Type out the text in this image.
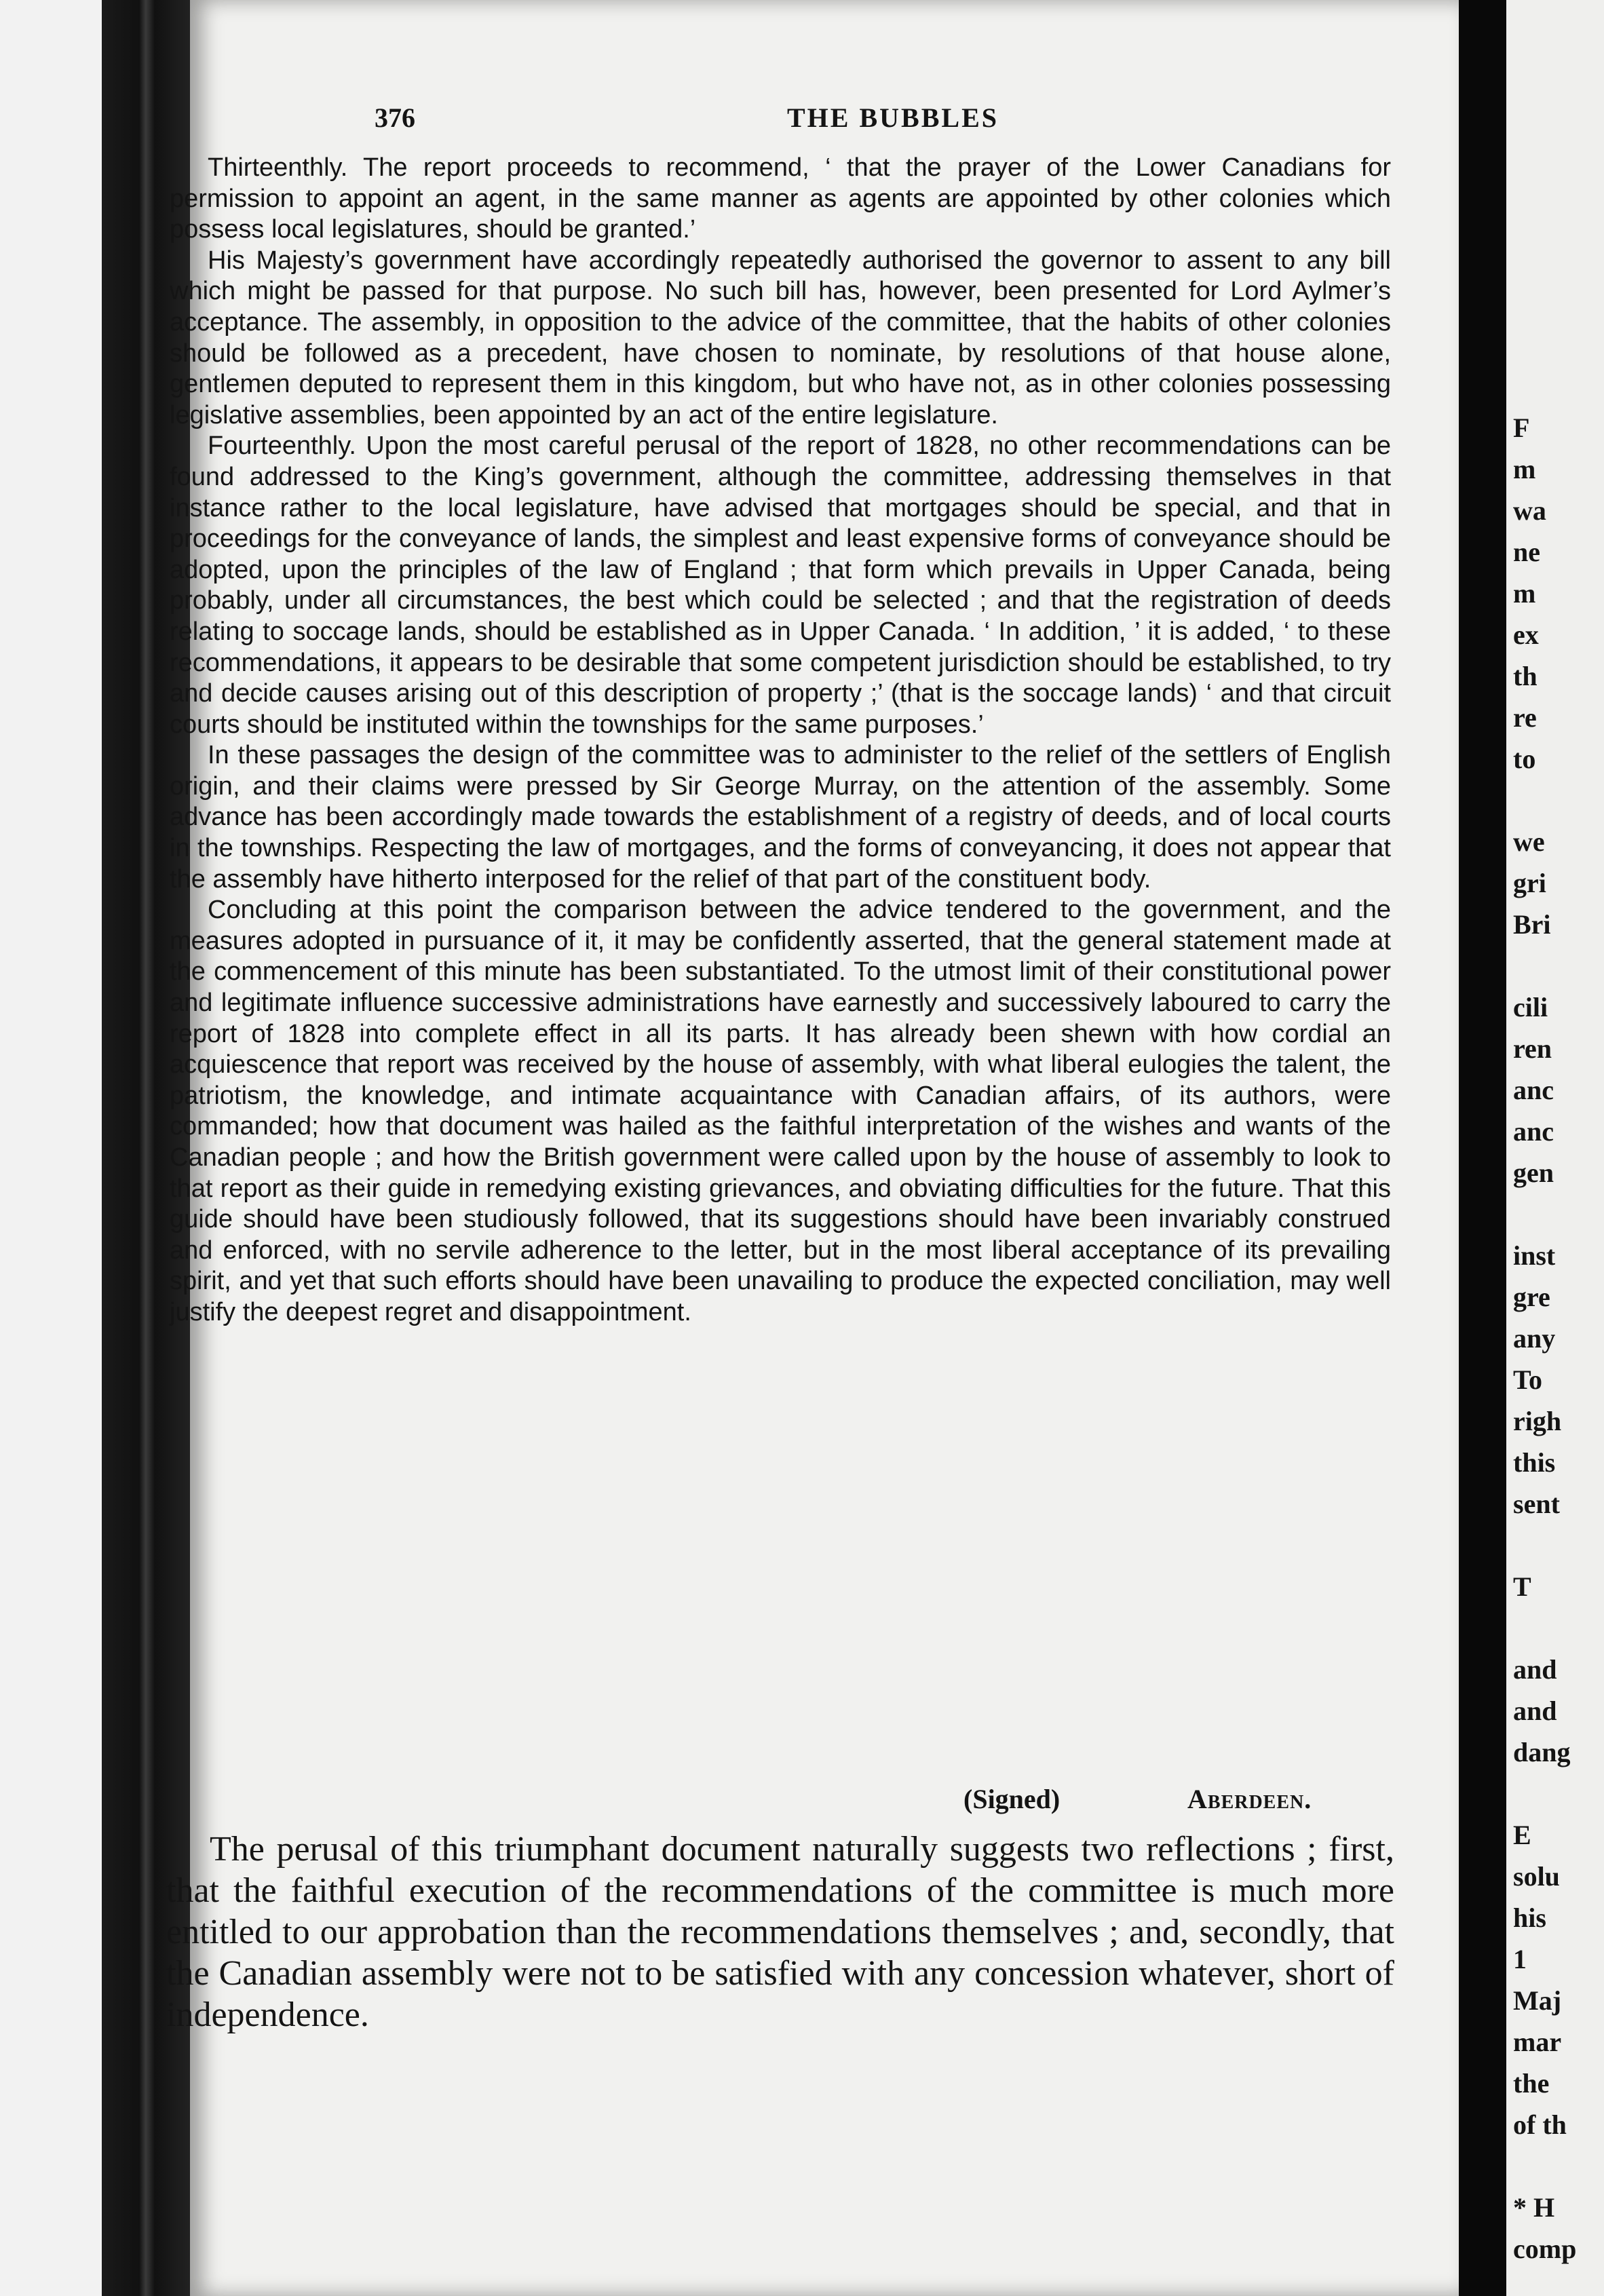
376	THE BUBBLES

Thirteenthly. The report proceeds to recommend, ‘ that the prayer of the Lower Canadians for permission to appoint an agent, in the same manner as agents are appointed by other colonies which possess local legislatures, should be granted.’

His Majesty’s government have accordingly repeatedly authorised the governor to assent to any bill which might be passed for that purpose. No such bill has, however, been presented for Lord Aylmer’s acceptance. The assembly, in opposition to the advice of the committee, that the habits of other colonies should be followed as a precedent, have chosen to nominate, by resolutions of that house alone, gentlemen deputed to represent them in this kingdom, but who have not, as in other colonies possessing legislative assemblies, been appointed by an act of the entire legislature.

Fourteenthly. Upon the most careful perusal of the report of 1828, no other recommendations can be found addressed to the King’s government, although the committee, addressing themselves in that instance rather to the local legislature, have advised that mortgages should be special, and that in proceedings for the conveyance of lands, the simplest and least expensive forms of conveyance should be adopted, upon the principles of the law of England ; that form which prevails in Upper Canada, being probably, under all circumstances, the best which could be selected ; and that the registration of deeds relating to soccage lands, should be established as in Upper Canada. ‘ In addition, ’ it is added, ‘ to these recommendations, it appears to be desirable that some competent jurisdiction should be established, to try and decide causes arising out of this description of property ;’ (that is the soccage lands) ‘ and that circuit courts should be instituted within the townships for the same purposes.’

In these passages the design of the committee was to administer to the relief of the settlers of English origin, and their claims were pressed by Sir George Murray, on the attention of the assembly. Some advance has been accordingly made towards the establishment of a registry of deeds, and of local courts in the townships. Respecting the law of mortgages, and the forms of conveyancing, it does not appear that the assembly have hitherto interposed for the relief of that part of the constituent body.

Concluding at this point the comparison between the advice tendered to the government, and the measures adopted in pursuance of it, it may be confidently asserted, that the general statement made at the commencement of this minute has been substantiated. To the utmost limit of their constitutional power and legitimate influence successive administrations have earnestly and successively laboured to carry the report of 1828 into complete effect in all its parts. It has already been shewn with how cordial an acquiescence that report was received by the house of assembly, with what liberal eulogies the talent, the patriotism, the knowledge, and intimate acquaintance with Canadian affairs, of its authors, were commanded; how that document was hailed as the faithful interpretation of the wishes and wants of the Canadian people ; and how the British government were called upon by the house of assembly to look to that report as their guide in remedying existing grievances, and obviating difficulties for the future. That this guide should have been studiously followed, that its suggestions should have been invariably construed and enforced, with no servile adherence to the letter, but in the most liberal acceptance of its prevailing spirit, and yet that such efforts should have been unavailing to produce the expected conciliation, may well justify the deepest regret and disappointment.

(Signed)	Aberdeen.

The perusal of this triumphant document naturally suggests two reflections ; first, that the faithful execution of the recommendations of the committee is much more entitled to our approbation than the recommendations themselves ; and, secondly, that the Canadian assembly were not to be satisfied with any concession whatever, short of independence.

F
m
wa
ne
m
ex
th
re
to

we
gri
Bri

cili
ren
anc
anc
gen

inst
gre
any
To
righ
this
sent

T

and
and
dang

E
solu
his
1
Maj
mar
the
of th

* H
comp
